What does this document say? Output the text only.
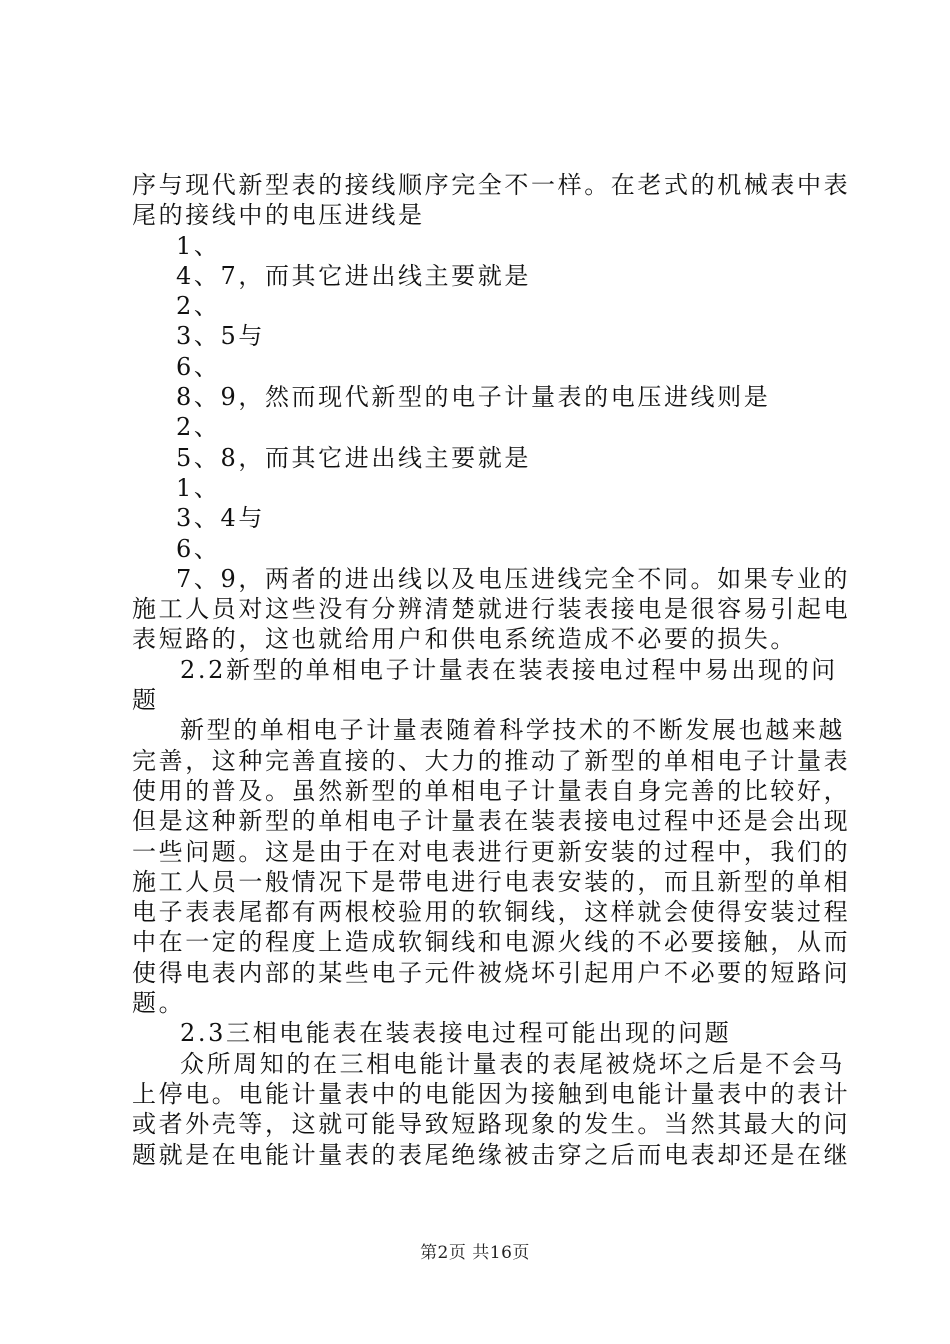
序与现代新型表的接线顺序完全不一样。在老式的机械表中表
尾的接线中的电压进线是
1、
4、7，而其它进出线主要就是
2、
3、5与
6、
8、9，然而现代新型的电子计量表的电压进线则是
2、
5、8，而其它进出线主要就是
1、
3、4与
6、
7、9，两者的进出线以及电压进线完全不同。如果专业的
施工人员对这些没有分辨清楚就进行装表接电是很容易引起电
表短路的，这也就给用户和供电系统造成不必要的损失。
2.2新型的单相电子计量表在装表接电过程中易出现的问
题
新型的单相电子计量表随着科学技术的不断发展也越来越
完善，这种完善直接的、大力的推动了新型的单相电子计量表
使用的普及。虽然新型的单相电子计量表自身完善的比较好，
但是这种新型的单相电子计量表在装表接电过程中还是会出现
一些问题。这是由于在对电表进行更新安装的过程中，我们的
施工人员一般情况下是带电进行电表安装的，而且新型的单相
电子表表尾都有两根校验用的软铜线，这样就会使得安装过程
中在一定的程度上造成软铜线和电源火线的不必要接触，从而
使得电表内部的某些电子元件被烧坏引起用户不必要的短路问
题。
2.3三相电能表在装表接电过程可能出现的问题
众所周知的在三相电能计量表的表尾被烧坏之后是不会马
上停电。电能计量表中的电能因为接触到电能计量表中的表计
或者外壳等，这就可能导致短路现象的发生。当然其最大的问
题就是在电能计量表的表尾绝缘被击穿之后而电表却还是在继
第2页 共16页
